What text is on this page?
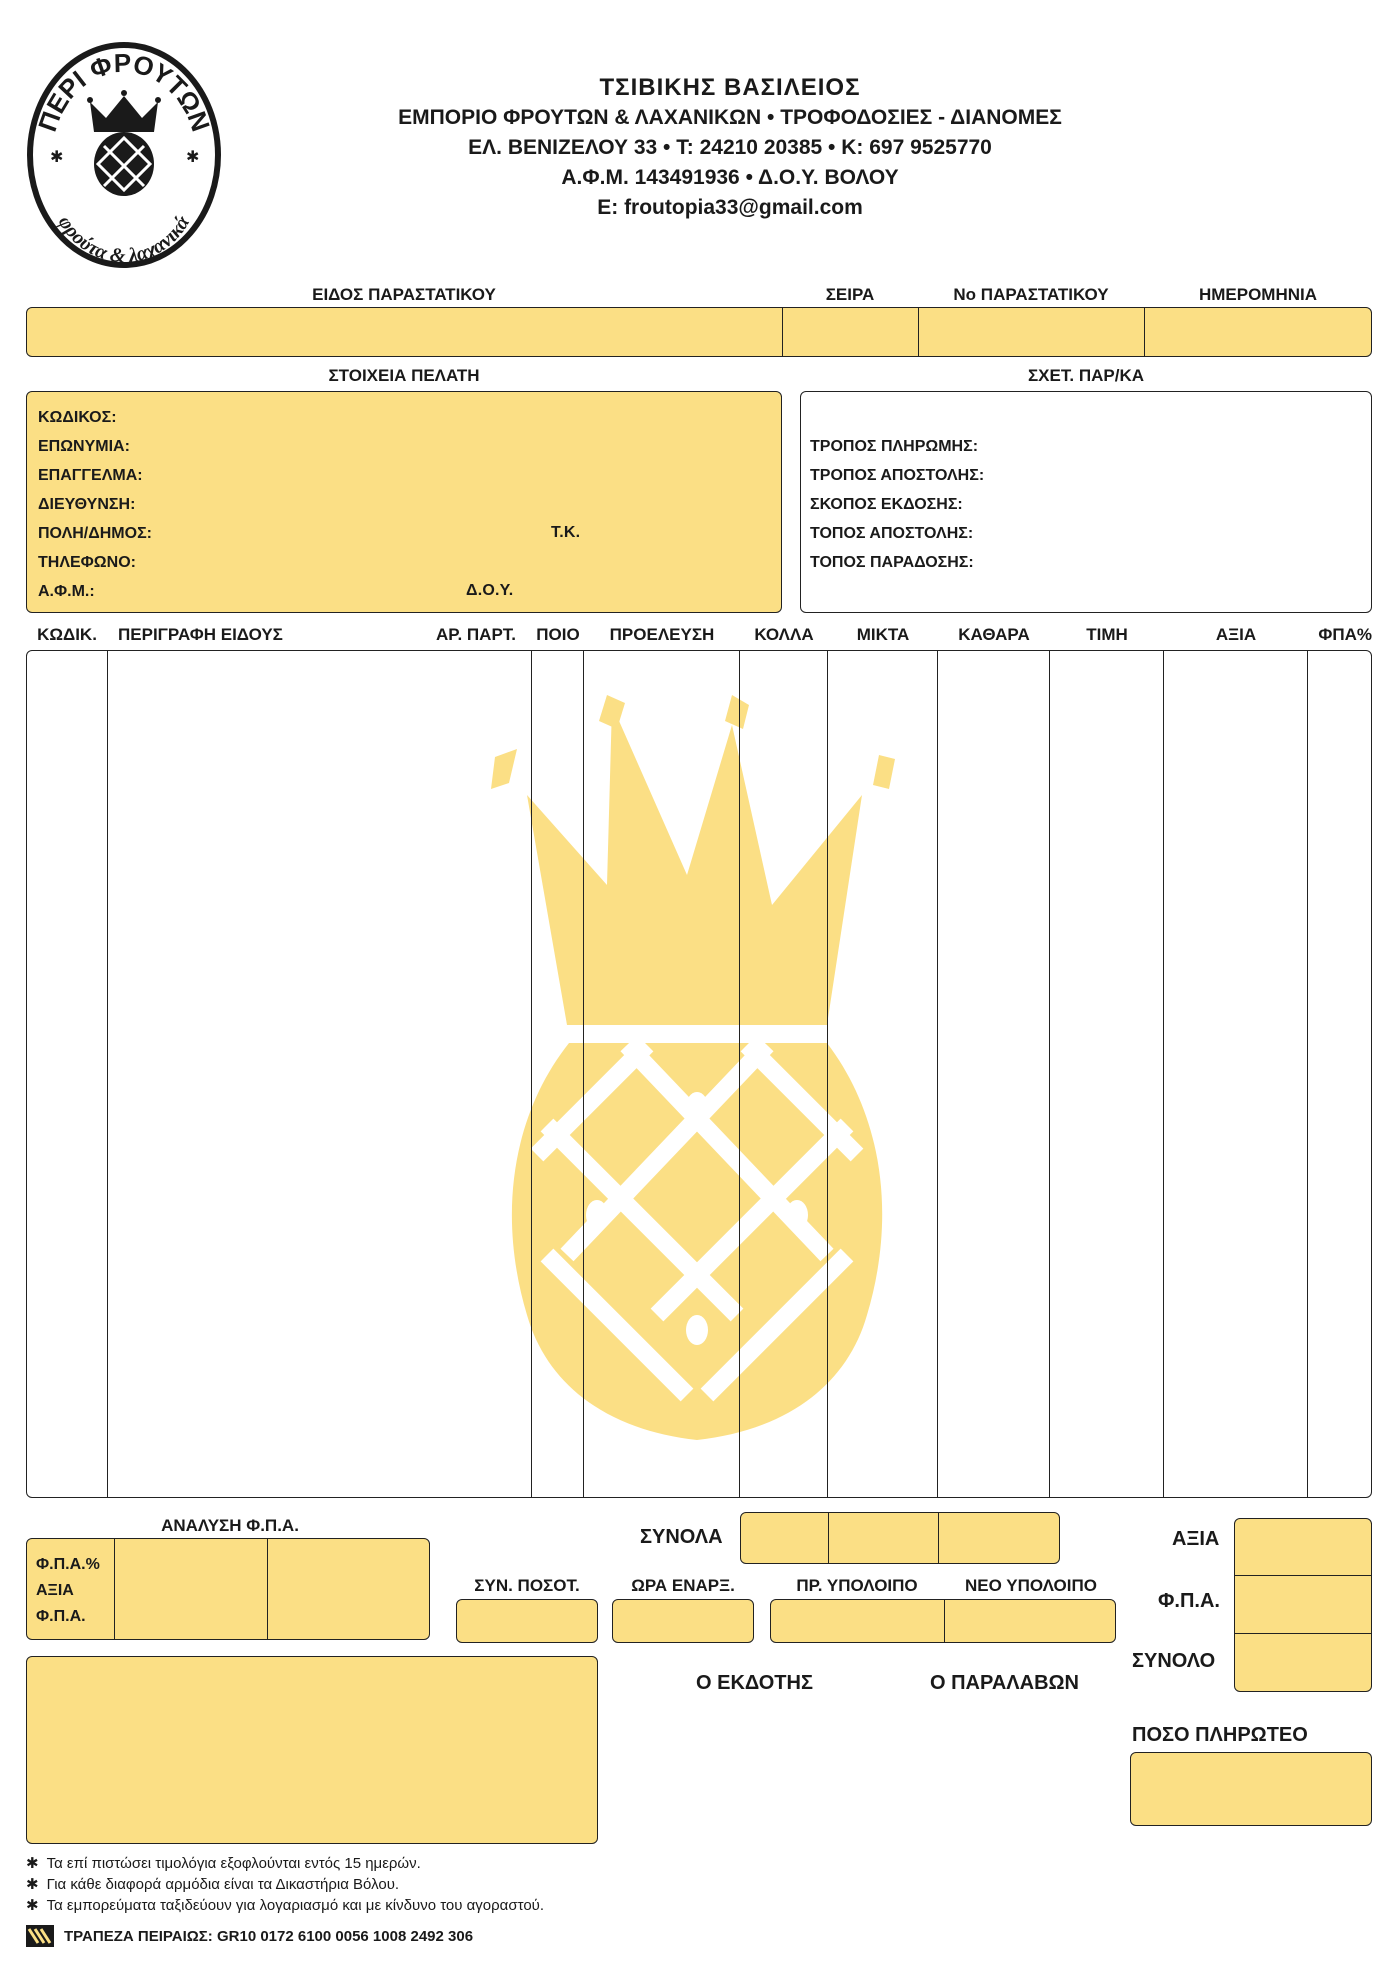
ΠΕΡΙ ΦΡΟΥΤΩΝ
φρούτα & λαχανικά
✱	✱
ΤΣΙΒΙΚΗΣ ΒΑΣΙΛΕΙΟΣ
ΕΜΠΟΡΙΟ ΦΡΟΥΤΩΝ & ΛΑΧΑΝΙΚΩΝ • ΤΡΟΦΟΔΟΣΙΕΣ - ΔΙΑΝΟΜΕΣ
ΕΛ. ΒΕΝΙΖΕΛΟΥ 33 • Τ: 24210 20385 • Κ: 697 9525770
Α.Φ.Μ. 143491936 • Δ.Ο.Υ. ΒΟΛΟΥ
E: froutopia33@gmail.com
ΕΙΔΟΣ ΠΑΡΑΣΤΑΤΙΚΟΥ	ΣΕΙΡΑ	Νο ΠΑΡΑΣΤΑΤΙΚΟΥ	ΗΜΕΡΟΜΗΝΙΑ
ΣΤΟΙΧΕΙΑ ΠΕΛΑΤΗ	ΣΧΕΤ. ΠΑΡ/ΚΑ
ΚΩΔΙΚΟΣ:
ΕΠΩΝΥΜΙΑ:
ΕΠΑΓΓΕΛΜΑ:
ΔΙΕΥΘΥΝΣΗ:
ΠΟΛΗ/ΔΗΜΟΣ:
ΤΗΛΕΦΩΝΟ:
Α.Φ.Μ.:
Τ.Κ.
Δ.Ο.Υ.
ΤΡΟΠΟΣ ΠΛΗΡΩΜΗΣ:
ΤΡΟΠΟΣ ΑΠΟΣΤΟΛΗΣ:
ΣΚΟΠΟΣ ΕΚΔΟΣΗΣ:
ΤΟΠΟΣ ΑΠΟΣΤΟΛΗΣ:
ΤΟΠΟΣ ΠΑΡΑΔΟΣΗΣ:
ΚΩΔΙΚ.	ΠΕΡΙΓΡΑΦΗ ΕΙΔΟΥΣ	ΑΡ. ΠΑΡΤ. ΠΟΙΟ	ΠΡΟΕΛΕΥΣΗ	ΚΟΛΛΑ	ΜΙΚΤΑ	ΚΑΘΑΡΑ	ΤΙΜΗ	ΑΞΙΑ	ΦΠΑ%
ΑΝΑΛΥΣΗ Φ.Π.Α.
Φ.Π.Α.%
ΑΞΙΑ
Φ.Π.Α.
ΣΥΝΟΛΑ
ΣΥΝ. ΠΟΣΟΤ.	ΩΡΑ ΕΝΑΡΞ.	ΠΡ. ΥΠΟΛΟΙΠΟ	ΝΕΟ ΥΠΟΛΟΙΠΟ
ΑΞΙΑ
Φ.Π.Α.
ΣΥΝΟΛΟ
ΠΟΣΟ ΠΛΗΡΩΤΕΟ
Ο ΕΚΔΟΤΗΣ	Ο ΠΑΡΑΛΑΒΩΝ
✱ Τα επί πιστώσει τιμολόγια εξοφλούνται εντός 15 ημερών.
✱ Για κάθε διαφορά αρμόδια είναι τα Δικαστήρια Βόλου.
✱ Τα εμπορεύματα ταξιδεύουν για λογαριασμό και με κίνδυνο του αγοραστού.
ΤΡΑΠΕΖΑ ΠΕΙΡΑΙΩΣ: GR10 0172 6100 0056 1008 2492 306
